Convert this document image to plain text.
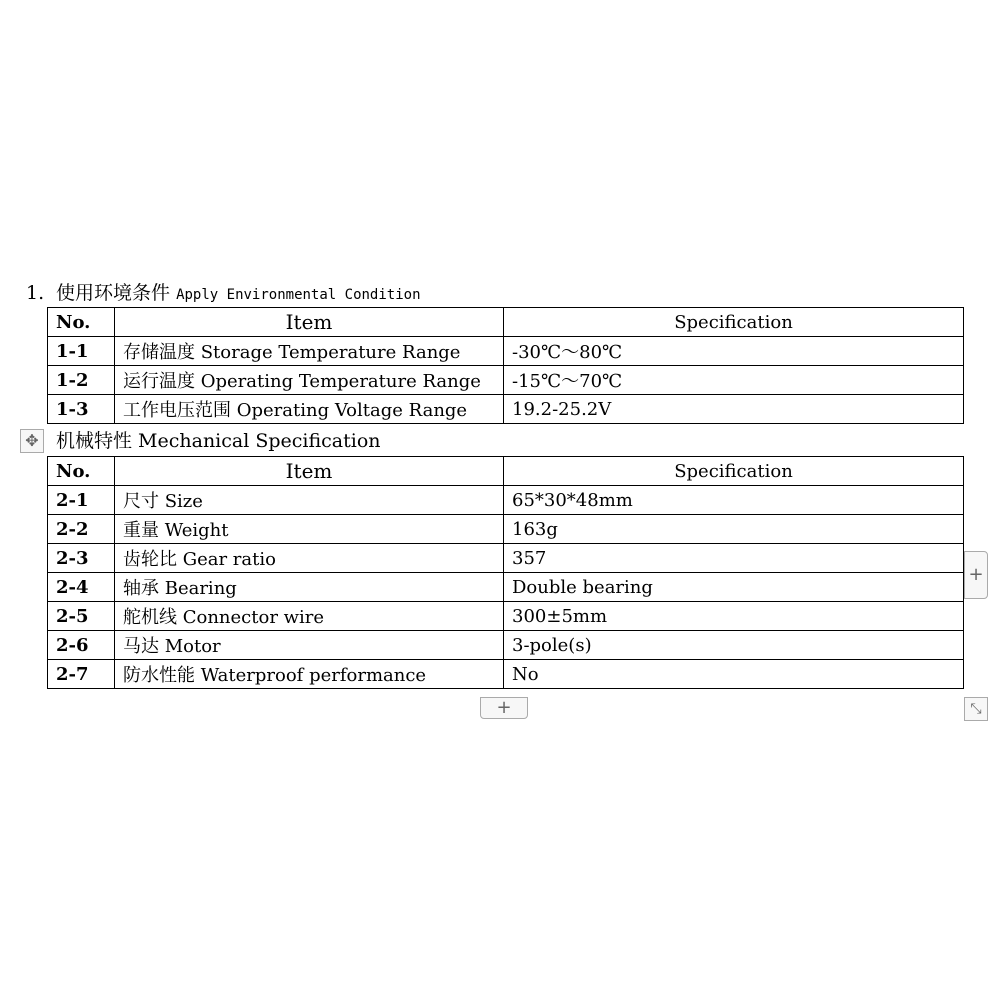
1. 使用环境条件 Apply Environmental Condition
No.	Item	Specification
1-1	存储温度 Storage Temperature Range	-30℃～80℃
1-2	运行温度 Operating Temperature Range	-15℃～70℃
1-3	工作电压范围 Operating Voltage Range	19.2-25.2V
✥ 机械特性 Mechanical Specification
No.	Item	Specification
2-1	尺寸 Size	65*30*48mm
2-2	重量 Weight	163g
2-3	齿轮比 Gear ratio	357
2-4	轴承 Bearing	Double bearing
2-5	舵机线 Connector wire	300±5mm
2-6	马达 Motor	3-pole(s)
2-7	防水性能 Waterproof performance	No
+
+	⤡
